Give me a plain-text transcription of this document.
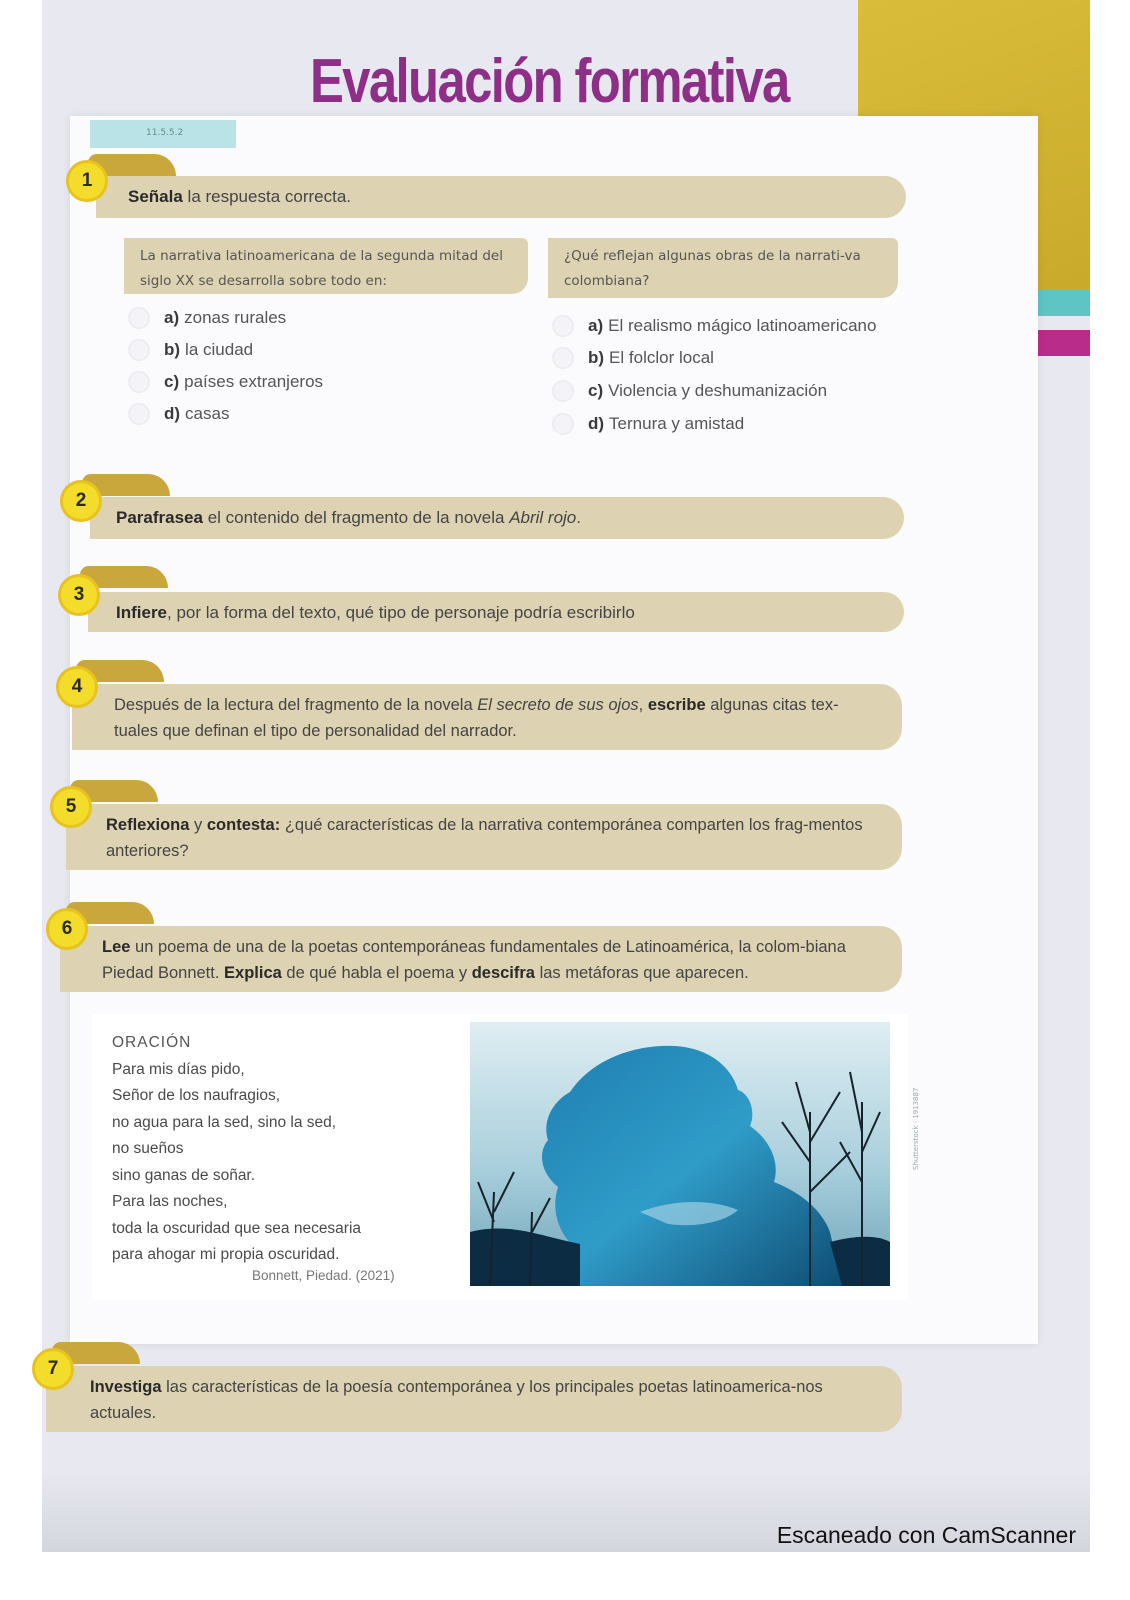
Evaluación formativa
11.5.5.2
Señala la respuesta correcta.
1
La narrativa latinoamericana de la segunda mitad del siglo XX se desarrolla sobre todo en:
¿Qué reflejan algunas obras de la narrati-va colombiana?
a) zonas rurales
b) la ciudad
c) países extranjeros
d) casas
a) El realismo mágico latinoamericano
b) El folclor local
c) Violencia y deshumanización
d) Ternura y amistad
Parafrasea el contenido del fragmento de la novela Abril rojo.
2
Infiere, por la forma del texto, qué tipo de personaje podría escribirlo
3
Después de la lectura del fragmento de la novela El secreto de sus ojos, escribe algunas citas tex-tuales que definan el tipo de personalidad del narrador.
4
Reflexiona y contesta: ¿qué características de la narrativa contemporánea comparten los frag-mentos anteriores?
5
Lee un poema de una de la poetas contemporáneas fundamentales de Latinoamérica, la colom-biana Piedad Bonnett. Explica de qué habla el poema y descifra las metáforas que aparecen.
6
ORACIÓN
Para mis días pido,
Señor de los naufragios,
no agua para la sed, sino la sed,
no sueños
sino ganas de soñar.
Para las noches,
toda la oscuridad que sea necesaria
para ahogar mi propia oscuridad.
Bonnett, Piedad. (2021)
Shutterstock · 1913887
Investiga las características de la poesía contemporánea y los principales poetas latinoamerica-nos actuales.
7
Escaneado con CamScanner
